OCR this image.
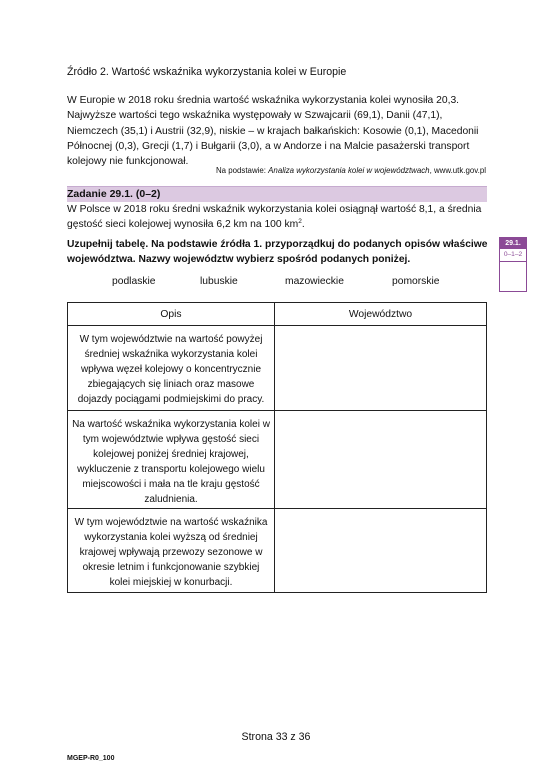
Źródło 2. Wartość wskaźnika wykorzystania kolei w Europie
W Europie w 2018 roku średnia wartość wskaźnika wykorzystania kolei wynosiła 20,3. Najwyższe wartości tego wskaźnika występowały w Szwajcarii (69,1), Danii (47,1), Niemczech (35,1) i Austrii (32,9), niskie – w krajach bałkańskich: Kosowie (0,1), Macedonii Północnej (0,3), Grecji (1,7) i Bułgarii (3,0), a w Andorze i na Malcie pasażerski transport kolejowy nie funkcjonował.
Na podstawie: Analiza wykorzystania kolei w województwach, www.utk.gov.pl
Zadanie 29.1. (0–2)
W Polsce w 2018 roku średni wskaźnik wykorzystania kolei osiągnął wartość 8,1, a średnia gęstość sieci kolejowej wynosiła 6,2 km na 100 $km^2$.
Uzupełnij tabelę. Na podstawie źródła 1. przyporządkuj do podanych opisów właściwe województwa. Nazwy województw wybierz spośród podanych poniżej.
29.1.
0–1–2
podlaskie	lubuskie	mazowieckie	pomorskie
Opis	Województwo

W tym województwie na wartość powyżej średniej wskaźnika wykorzystania kolei wpływa węzeł kolejowy o koncentrycznie zbiegających się liniach oraz masowe dojazdy pociągami podmiejskimi do pracy.	

Na wartość wskaźnika wykorzystania kolei w tym województwie wpływa gęstość sieci kolejowej poniżej średniej krajowej, wykluczenie z transportu kolejowego wielu miejscowości i mała na tle kraju gęstość zaludnienia.	

W tym województwie na wartość wskaźnika wykorzystania kolei wyższą od średniej krajowej wpływają przewozy sezonowe w okresie letnim i funkcjonowanie szybkiej kolei miejskiej w konurbacji.	

Strona 33 z 36
MGEP-R0_100
